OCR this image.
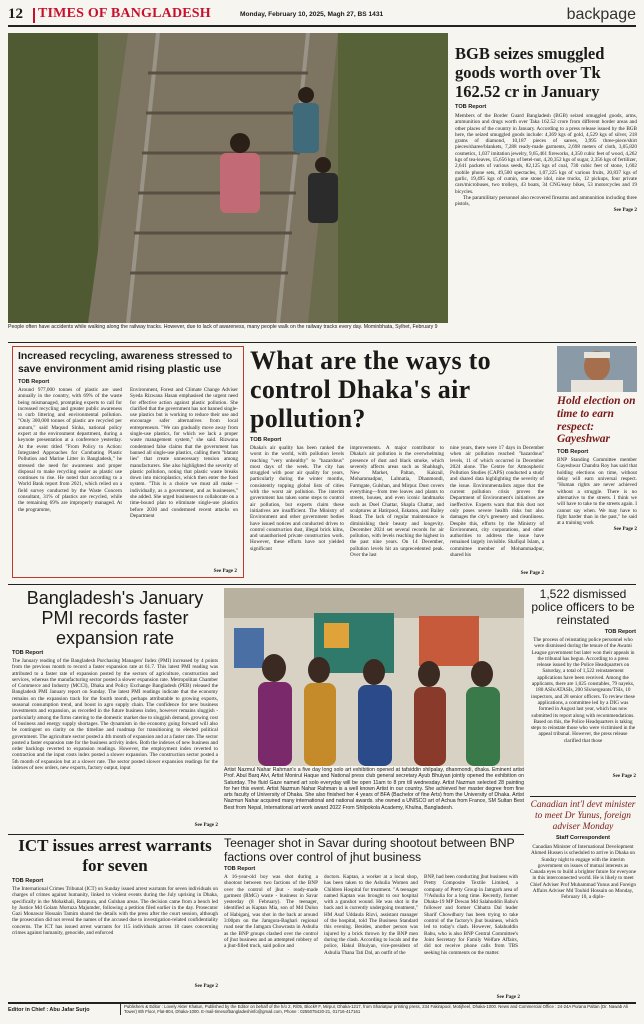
12 TIMES OF BANGLADESH	Monday, February 10, 2025, Magh 27, BS 1431	backpage
People often have accidents while walking along the railway tracks. However, due to lack of awareness, many people walk on the railway tracks every day. Mominbhata, Sylhet, February 9
BGB seizes smuggled goods worth over Tk 162.52 cr in January
TOB Report
Members of the Border Guard Bangladesh (BGB) seized smuggled goods, arms, ammunition and drugs worth over Taka 162.52 crore from different border areas and other places of the country in January. According to a press release issued by the BGB here, the seized smuggled goods include: 4,369 kgs of gold, 4,529 kgs of silver, 218 grams of diamond, 10,187 pieces of sarees, 3,995 three-piece/shirt pieces/sharee/blankets, 7,288 ready-made garments, 2,698 meters of cloth, 3,05,820 cosmetics, 1,037 imitation jewelry, 9,65,461 fireworks, 4,350 cubic feet of wood, 4,262 kgs of tea-leaves, 15,656 kgs of betel-nut, 4,20,352 kgs of sugar, 2,356 kgs of fertilizer, 2,641 packets of various seeds, 82,125 kgs of coal, 730 cubic feet of stone, 1,602 mobile phone sets, 49,500 spectacles, 1,07,225 kgs of various fruits, 20,837 kgs of garlic, 19,495 kgs of cumin, one stone idol, nine trucks, 12 pickups, four private cars/microbuses, two trolleys, 43 boats, 34 CNG/easy bikes, 53 motorcycles and 19 bicycles.
The paramilitary personnel also recovered firearms and ammunition including three pistols,
See Page 2
Increased recycling, awareness stressed to save environment amid rising plastic use
TOB Report
Around 977,000 tonnes of plastic are used annually in the country, with 69% of the waste being mismanaged, prompting experts to call for increased recycling and greater public awareness to curb littering and environmental pollution. "Only 300,000 tonnes of plastic are recycled per annum," said Maqsud Sinha, national policy expert at the environment department, during a keynote presentation at a conference yesterday. At the event titled "From Policy to Action: Integrated Approaches for Combating Plastic Pollution and Marine Litter in Bangladesh," he stressed the need for awareness and proper disposal to make recycling easier as plastic use continues to rise. He noted that according to a World Bank report from 2021, which relied on a field survey conducted by the Waste Concern consultant, 31% of plastics are recycled, while the remaining 69% are improperly managed. At the programme,
Environment, Forest and Climate Change Adviser Syeda Rizwana Hasan emphasised the urgent need for effective action against plastic pollution. She clarified that the government has not banned single-use plastics but is working to reduce their use and encourage safer alternatives from local entrepreneurs. "We can gradually move away from single-use plastics, for which we lack a proper waste management system," she said. Rizwana condemned false claims that the government has banned all single-use plastics, calling them "blatant lies" that create unnecessary tension among manufacturers. She also highlighted the severity of plastic pollution, noting that plastic waste breaks down into microplastics, which then enter the food system. "This is a choice we must all make – individually, as a government, and as businesses," she added. She urged businesses to collaborate on a time-bound plan to eliminate single-use plastics before 2030 and condemned recent attacks on Department
See Page 2
What are the ways to control Dhaka's air pollution?
TOB Report
Dhaka's air quality has been ranked the worst in the world, with pollution levels reaching "very unhealthy" to "hazardous" most days of the week. The city has struggled with poor air quality for years, particularly during the winter months, consistently topping global lists of cities with the worst air pollution. The interim government has taken some steps to control air pollution, but experts claim these initiatives are insufficient. The Ministry of Environment and other government bodies have issued notices and conducted drives to control construction dust, illegal brick kilns, and unauthorised private construction work. However, these efforts have not yielded significant
improvements. A major contributor to Dhaka's air pollution is the overwhelming presence of dust and black smoke, which severely affects areas such as Shahbagh, New Market, Paltan, Kakrail, Mohammadpur, Lalmatia, Dhanmondi, Farmgate, Gulshan, and Mirpur. Dust covers everything—from tree leaves and plants to streets, houses, and even iconic landmarks such as Doel Chattar, Shapla Chattar, and sculptures at Hatirpool, Eskaton, and Bailey Road. The lack of regular maintenance is diminishing their beauty and longevity. December 2024 set several records for air pollution, with levels reaching the highest in the past nine years. On 14 December, pollution levels hit an unprecedented peak. Over the last
nine years, there were 17 days in December when air pollution reached "hazardous" levels, 11 of which occurred in December 2024 alone. The Centre for Atmospheric Pollution Studies (CAPS) conducted a study and shared data highlighting the severity of the issue. Environmentalists argue that the current pollution crisis proves the Department of Environment's initiatives are ineffective. Experts warn that this dust not only poses severe health risks but also damages the city's greenery and cleanliness. Despite this, efforts by the Ministry of Environment, city corporations, and other authorities to address the issue have remained largely invisible. Shafiqul Islam, a committee member of Mohammadpur, shared his
See Page 2
Hold election on time to earn respect: Gayeshwar
TOB Report
BNP Standing Committee member Gayeshwar Chandra Roy has said that holding elections on time, without delay will earn universal respect. "Human rights are never achieved without a struggle. There is no alternative to the streets. I think we will have to take to the streets again. I cannot say when. We may have to fight harder than in the past," he said at a training work
See Page 2
Bangladesh's January PMI records faster expansion rate
TOB Report
The January reading of the Bangladesh Purchasing Managers' Index (PMI) increased by 4 points from the previous month to record a faster expansion rate at 61.7. This latest PMI reading was attributed to a faster rate of expansion posted by the sectors of agriculture, construction and services, whereas the manufacturing sector posted a slower expansion rate. Metropolitan Chamber of Commerce and Industry (MCCI), Dhaka and Policy Exchange Bangladesh (PEB) released the Bangladesh PMI January report on Sunday. The latest PMI readings indicate that the economy remains on the expansion track for the fourth month, perhaps attributable to growing exports, seasonal consumption trend, and boost in agro supply chain. The confidence for new business investments and expansion, as recorded in the future business index, however remains sluggish - particularly among the firms catering to the domestic market due to sluggish demand, growing cost of business and energy supply shortages. The dynamism in the economy going forward will also be contingent on clarity on the timeline and roadmap for transitioning to elected political government. The agriculture sector posted a 4th month of expansion and at a faster rate. The sector posted a faster expansion rate for the business activity index. Both the indexes of new business and order backlogs reverted to expansion readings. However, the employment index reverted to contraction and the input costs index posted a slower expansion. The construction sector posted a 5th month of expansion but at a slower rate. The sector posted slower expansion readings for the indexes of new orders, new exports, factory output, input
See Page 2
Artist Nazmul Nahar Rahman's a five day long solo art exhibition opened at tafsiddin shilpalay, dhanmondi, dhaka. Eminent artist Prof. Abul Barq Alvi, Artist Monirul Haque and National press club general secretary Ayub Bhuiyan jointly opened the exhibition on Saturday. The fluid Gaze named art solo everyday will be open 11am to 8 pm till wednesday. Artist Nazmun selected 28 painting for her this event. Artist Nazmun Nahar Rahman is a well known Artist in our country. She achieved her master degree from fine arts faculty of University of Dhaka. She also finished her 4 years of BFA (Bachelor of fine Arts) from the University of Dhaka. Artist Nazmun Nahar acquired many international and national awards. she owned a UNISCO art of Achua from France, SM Sultan Best Best from Nepal, International art work award 2022 From Shilpokola Academy, Khulna, Bangladesh.
1,522 dismissed police officers to be reinstated
TOB Report
The process of reinstating police personnel who were dismissed during the tenure of the Awami League government but later won their appeals in the tribunal has begun. According to a press release issued by the Police Headquarters on Saturday, a total of 1,522 reinstatement applications have been received. Among the applicants, there are 1,025 constables, 79 nayeks, 180 ASIs/ATASIs, 200 SIs/sergeants/TSIs, 10 inspectors, and 28 senior officers. To review these applications, a committee led by a DIG was formed in August last year, which has now submitted its report along with recommendations. Based on this, the Police Headquarters is taking steps to reinstate those who were victimised in the appeal tribunal. However, the press release clarified that those
See Page 2
Canadian int'l devt minister to meet Dr Yunus, foreign adviser Monday
Staff Correspondent
Canadian Minister of International Development Ahmed Hussen is scheduled to arrive in Dhaka on Sunday night to engage with the interim government on issues of mutual interests as Canada eyes to build a brighter future for everyone in this interconnected world. He is likely to meet Chief Adviser Prof Muhammad Yunus and Foreign Affairs Adviser Md Touhid Hossain on Monday, February 10, a diplo-
ICT issues arrest warrants for seven
TOB Report
The International Crimes Tribunal (ICT) on Sunday issued arrest warrants for seven individuals on charges of crimes against humanity, linked to violent events during the July uprising in Dhaka, specifically in the Mohakhali, Rampura, and Gulshan areas. The decision came from a bench led by Justice Md Golam Mortuza Majumder, following a petition filed earlier in the day. Prosecutor Gazi Monawar Hossain Tamim shared the details with the press after the court session, although the prosecution did not reveal the names of the accused due to investigation-related confidentiality concerns. The ICT has issued arrest warrants for 115 individuals across 18 cases concerning crimes against humanity, genocide, and enforced
See Page 2
Teenager shot in Savar during shootout between BNP factions over control of jhut business
TOB Report
A 16-year-old boy was shot during a shootout between two factions of the BNP over the control of jhut - ready-made garment (RMG) waste - business in Savar yesterday (8 February). The teenager, identified as Kaptan Mia, son of Md Dulon of Habiganj, was shot in the back at around 3:00pm on the Jamgora-Baghari regional road near the Jamgara Chowrasta in Ashulia as the BNP groups clashed over the control of jhut business and an attempted robbery of a jhut-filled truck, said police and
doctors. Kaptan, a worker at a local shop, has been taken to the Ashulia Women and Children Hospital for treatment. "A teenager named Kaptan was brought to our hospital with a gunshot wound. He was shot in the back and is currently undergoing treatment," HM Asaf Uddaula Rizvi, assistant manager of the hospital, told The Business Standard this evening. Besides, another person was injured by a brick thrown by the BNP men during the clash. According to locals and the police, Hakul Bhuiyan, vice-president of Ashulia Thana Tati Dal, an outfit of the
BNP, had been conducting jhut business with Pretty Composite Textile Limited, a company of Pretty Group in Jamgarh area of ??Ashulia for a long time. Recently, former Dhaka-19 MP Dewan Md Salahuddin Babu's follower and former Chhatra Dal leader Sharif Chowdhury has been trying to take control of the factory's jhut business, which led to today's clash. However, Salahuddin Babu, who is also BNP Central Committee's Joint Secretary for Family Welfare Affairs, did not receive phone calls from TBS seeking his comments on the matter.
See Page 2
Editor in Chief : Abu Jafar Surjo
Publishers & Editor : Lovely Akter Khatun, Published by the Editor on behalf of the h/o 2, R/05, Block# F, Mirpur, Dhaka-1217, from Shariatpur printing press, 234 Fakirapool, Motijheel, Dhaka-1000. News and Commercial Office : 24-24A Purana Paltan (Dr. Nawab Ali Tower) 8th Floor, Flat-804, Dhaka-1000. E-mail-timesofbangladeshinfo@gmail.com, Phone : 0255075420-21, 01716-417161
